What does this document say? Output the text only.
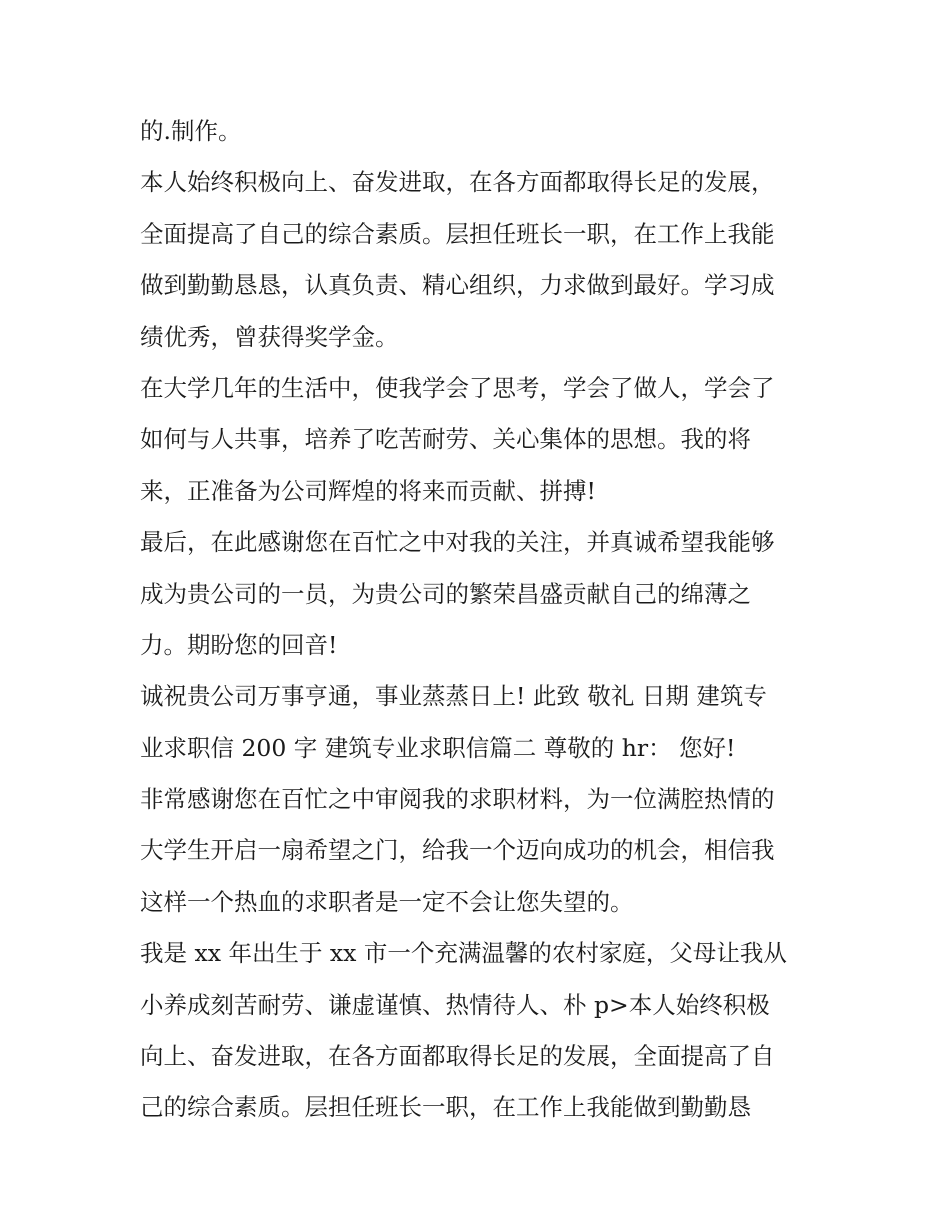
的.制作。
本人始终积极向上、奋发进取，在各方面都取得长足的发展，
全面提高了自己的综合素质。层担任班长一职，在工作上我能
做到勤勤恳恳，认真负责、精心组织，力求做到最好。学习成
绩优秀，曾获得奖学金。
在大学几年的生活中，使我学会了思考，学会了做人，学会了
如何与人共事，培养了吃苦耐劳、关心集体的思想。我的将
来，正准备为公司辉煌的将来而贡献、拼搏!
最后，在此感谢您在百忙之中对我的关注，并真诚希望我能够
成为贵公司的一员，为贵公司的繁荣昌盛贡献自己的绵薄之
力。期盼您的回音!
诚祝贵公司万事亨通，事业蒸蒸日上! 此致 敬礼 日期 建筑专
业求职信 200 字 建筑专业求职信篇二 尊敬的 hr： 您好!
非常感谢您在百忙之中审阅我的求职材料，为一位满腔热情的
大学生开启一扇希望之门，给我一个迈向成功的机会，相信我
这样一个热血的求职者是一定不会让您失望的。
我是 xx 年出生于 xx 市一个充满温馨的农村家庭，父母让我从
小养成刻苦耐劳、谦虚谨慎、热情待人、朴 p>本人始终积极
向上、奋发进取，在各方面都取得长足的发展，全面提高了自
己的综合素质。层担任班长一职，在工作上我能做到勤勤恳
